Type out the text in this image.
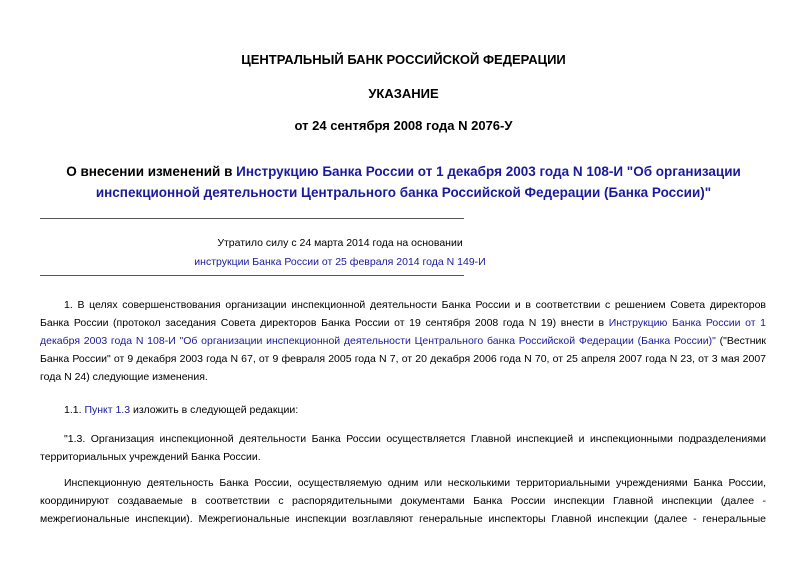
ЦЕНТРАЛЬНЫЙ БАНК РОССИЙСКОЙ ФЕДЕРАЦИИ
УКАЗАНИЕ
от 24 сентября 2008 года N 2076-У
О внесении изменений в Инструкцию Банка России от 1 декабря 2003 года N 108-И "Об организации
инспекционной деятельности Центрального банка Российской Федерации (Банка России)"
Утратило силу с 24 марта 2014 года на основании
инструкции Банка России от 25 февраля 2014 года N 149-И
1. В целях совершенствования организации инспекционной деятельности Банка России и в соответствии с решением Совета директоров Банка России (протокол заседания Совета директоров Банка России от 19 сентября 2008 года N 19) внести в Инструкцию Банка России от 1 декабря 2003 года N 108-И "Об организации инспекционной деятельности Центрального банка Российской Федерации (Банка России)" ("Вестник Банка России" от 9 декабря 2003 года N 67, от 9 февраля 2005 года N 7, от 20 декабря 2006 года N 70, от 25 апреля 2007 года N 23, от 3 мая 2007 года N 24) следующие изменения.
1.1. Пункт 1.3 изложить в следующей редакции:
"1.3. Организация инспекционной деятельности Банка России осуществляется Главной инспекцией и инспекционными подразделениями территориальных учреждений Банка России.
Инспекционную деятельность Банка России, осуществляемую одним или несколькими территориальными учреждениями Банка России, координируют создаваемые в соответствии с распорядительными документами Банка России инспекции Главной инспекции (далее - межрегиональные инспекции). Межрегиональные инспекции возглавляют генеральные инспекторы Главной инспекции (далее - генеральные
